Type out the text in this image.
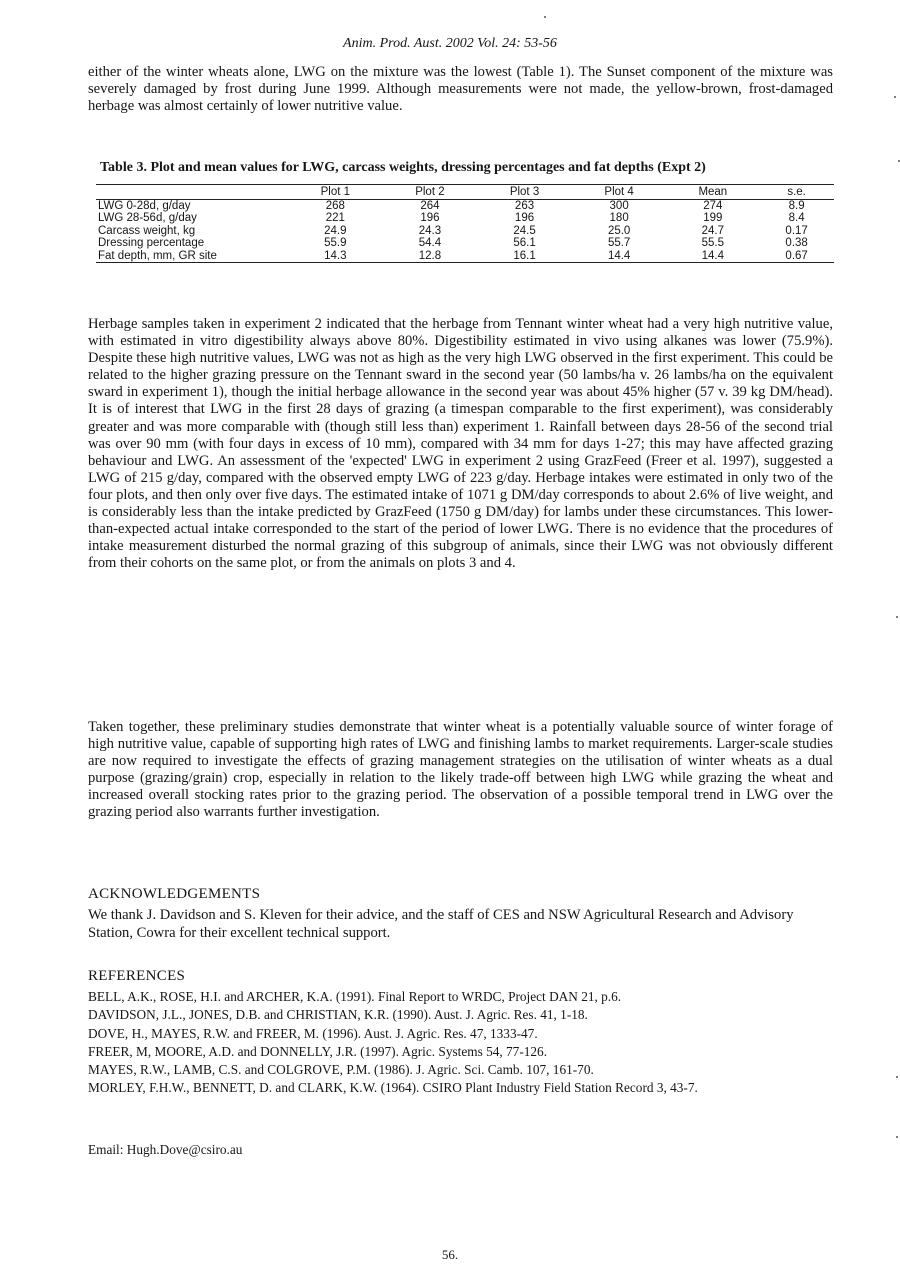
Anim. Prod. Aust. 2002 Vol. 24: 53-56
either of the winter wheats alone, LWG on the mixture was the lowest (Table 1). The Sunset component of the mixture was severely damaged by frost during June 1999. Although measurements were not made, the yellow-brown, frost-damaged herbage was almost certainly of lower nutritive value.
Table 3. Plot and mean values for LWG, carcass weights, dressing percentages and fat depths (Expt 2)
	Plot 1	Plot 2	Plot 3	Plot 4	Mean	s.e.
LWG 0-28d, g/day	268	264	263	300	274	8.9
LWG 28-56d, g/day	221	196	196	180	199	8.4
Carcass weight, kg	24.9	24.3	24.5	25.0	24.7	0.17
Dressing percentage	55.9	54.4	56.1	55.7	55.5	0.38
Fat depth, mm, GR site	14.3	12.8	16.1	14.4	14.4	0.67
Herbage samples taken in experiment 2 indicated that the herbage from Tennant winter wheat had a very high nutritive value, with estimated in vitro digestibility always above 80%. Digestibility estimated in vivo using alkanes was lower (75.9%). Despite these high nutritive values, LWG was not as high as the very high LWG observed in the first experiment. This could be related to the higher grazing pressure on the Tennant sward in the second year (50 lambs/ha v. 26 lambs/ha on the equivalent sward in experiment 1), though the initial herbage allowance in the second year was about 45% higher (57 v. 39 kg DM/head). It is of interest that LWG in the first 28 days of grazing (a timespan comparable to the first experiment), was considerably greater and was more comparable with (though still less than) experiment 1. Rainfall between days 28-56 of the second trial was over 90 mm (with four days in excess of 10 mm), compared with 34 mm for days 1-27; this may have affected grazing behaviour and LWG. An assessment of the 'expected' LWG in experiment 2 using GrazFeed (Freer et al. 1997), suggested a LWG of 215 g/day, compared with the observed empty LWG of 223 g/day. Herbage intakes were estimated in only two of the four plots, and then only over five days. The estimated intake of 1071 g DM/day corresponds to about 2.6% of live weight, and is considerably less than the intake predicted by GrazFeed (1750 g DM/day) for lambs under these circumstances. This lower-than-expected actual intake corresponded to the start of the period of lower LWG. There is no evidence that the procedures of intake measurement disturbed the normal grazing of this subgroup of animals, since their LWG was not obviously different from their cohorts on the same plot, or from the animals on plots 3 and 4.
Taken together, these preliminary studies demonstrate that winter wheat is a potentially valuable source of winter forage of high nutritive value, capable of supporting high rates of LWG and finishing lambs to market requirements. Larger-scale studies are now required to investigate the effects of grazing management strategies on the utilisation of winter wheats as a dual purpose (grazing/grain) crop, especially in relation to the likely trade-off between high LWG while grazing the wheat and increased overall stocking rates prior to the grazing period. The observation of a possible temporal trend in LWG over the grazing period also warrants further investigation.
ACKNOWLEDGEMENTS
We thank J. Davidson and S. Kleven for their advice, and the staff of CES and NSW Agricultural Research and Advisory Station, Cowra for their excellent technical support.
REFERENCES
BELL, A.K., ROSE, H.I. and ARCHER, K.A. (1991). Final Report to WRDC, Project DAN 21, p.6.
DAVIDSON, J.L., JONES, D.B. and CHRISTIAN, K.R. (1990). Aust. J. Agric. Res. 41, 1-18.
DOVE, H., MAYES, R.W. and FREER, M. (1996). Aust. J. Agric. Res. 47, 1333-47.
FREER, M, MOORE, A.D. and DONNELLY, J.R. (1997). Agric. Systems 54, 77-126.
MAYES, R.W., LAMB, C.S. and COLGROVE, P.M. (1986). J. Agric. Sci. Camb. 107, 161-70.
MORLEY, F.H.W., BENNETT, D. and CLARK, K.W. (1964). CSIRO Plant Industry Field Station Record 3, 43-7.
Email: Hugh.Dove@csiro.au
56.
